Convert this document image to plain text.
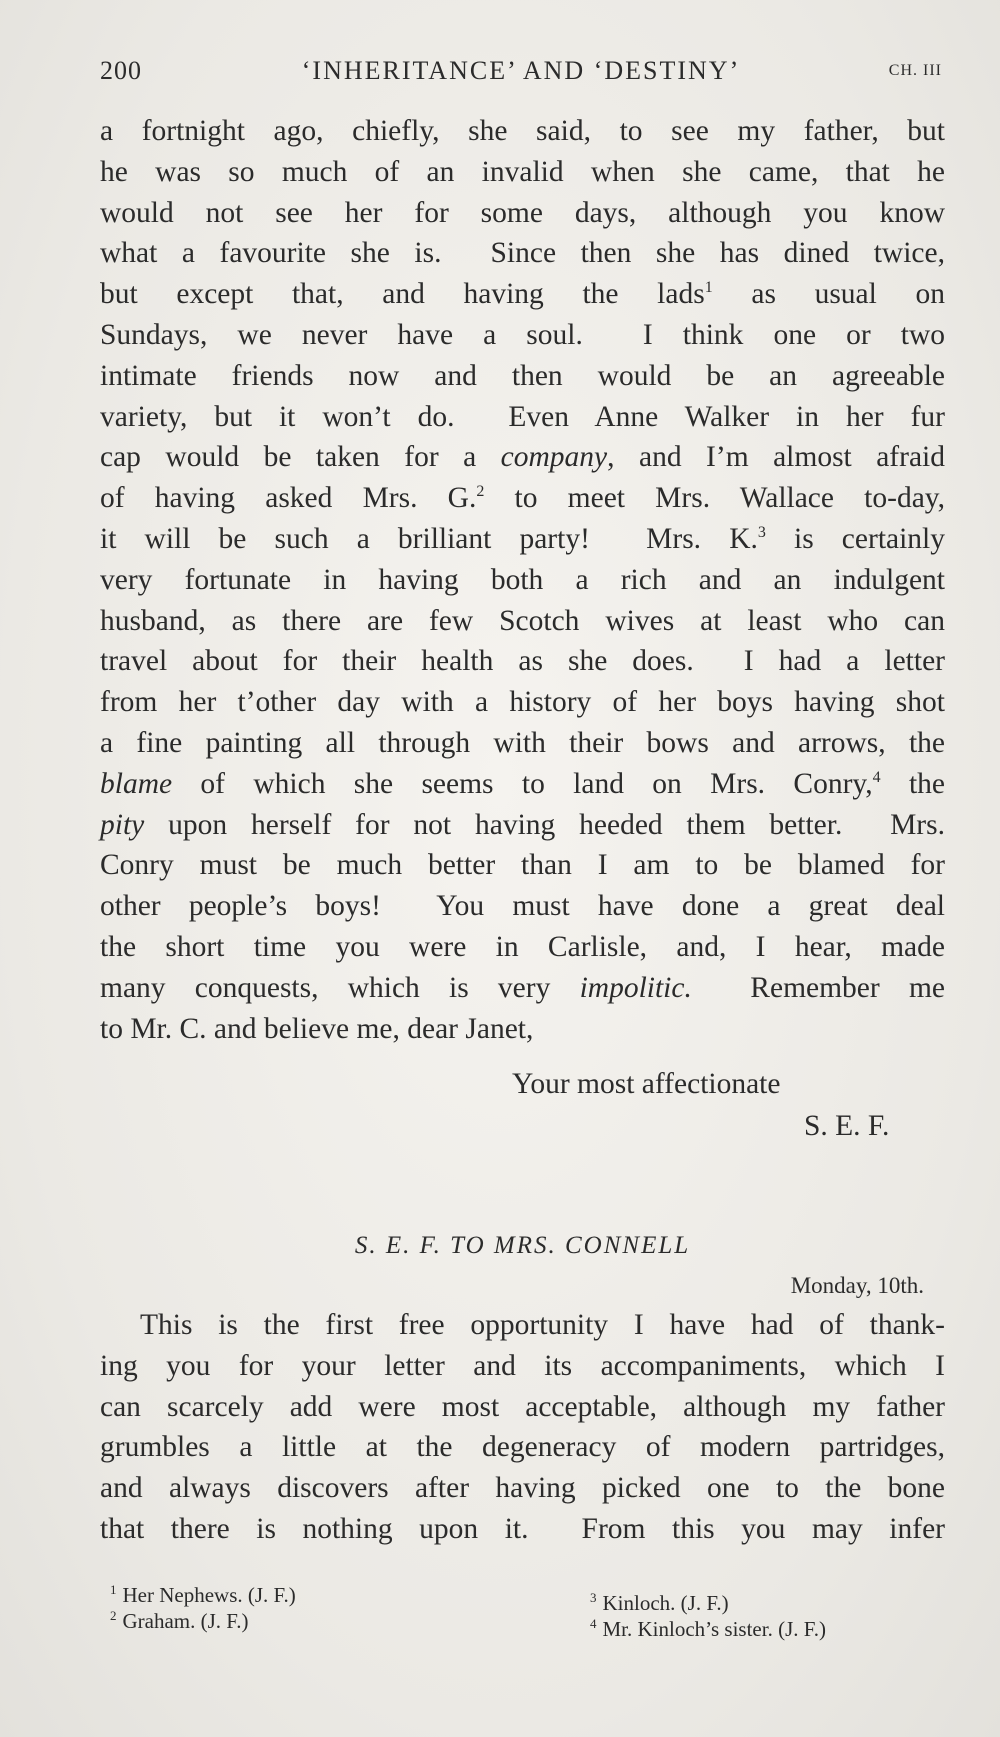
200	‘INHERITANCE’ AND ‘DESTINY’	CH. III
a fortnight ago, chiefly, she said, to see my father, but
he was so much of an invalid when she came, that he
would not see her for some days, although you know
what a favourite she is.  Since then she has dined twice,
but except that, and having the lads$^1$ as usual on
Sundays, we never have a soul.  I think one or two
intimate friends now and then would be an agreeable
variety, but it won’t do.  Even Anne Walker in her fur
cap would be taken for a company, and I’m almost afraid
of having asked Mrs. G.$^2$ to meet Mrs. Wallace to-day,
it will be such a brilliant party!  Mrs. K.$^3$ is certainly
very fortunate in having both a rich and an indulgent
husband, as there are few Scotch wives at least who can
travel about for their health as she does.  I had a letter
from her t’other day with a history of her boys having shot
a fine painting all through with their bows and arrows, the
blame of which she seems to land on Mrs. Conry,$^4$ the
pity upon herself for not having heeded them better.  Mrs.
Conry must be much better than I am to be blamed for
other people’s boys!  You must have done a great deal
the short time you were in Carlisle, and, I hear, made
many conquests, which is very impolitic.  Remember me
to Mr. C. and believe me, dear Janet,
Your most affectionate
S. E. F.
S. E. F. TO MRS. CONNELL
Monday, 10th.
This is the first free opportunity I have had of thank-
ing you for your letter and its accompaniments, which I
can scarcely add were most acceptable, although my father
grumbles a little at the degeneracy of modern partridges,
and always discovers after having picked one to the bone
that there is nothing upon it.  From this you may infer
$^1$ Her Nephews. (J. F.)
$^2$ Graham. (J. F.)
$^3$ Kinloch. (J. F.)
$^4$ Mr. Kinloch’s sister. (J. F.)
